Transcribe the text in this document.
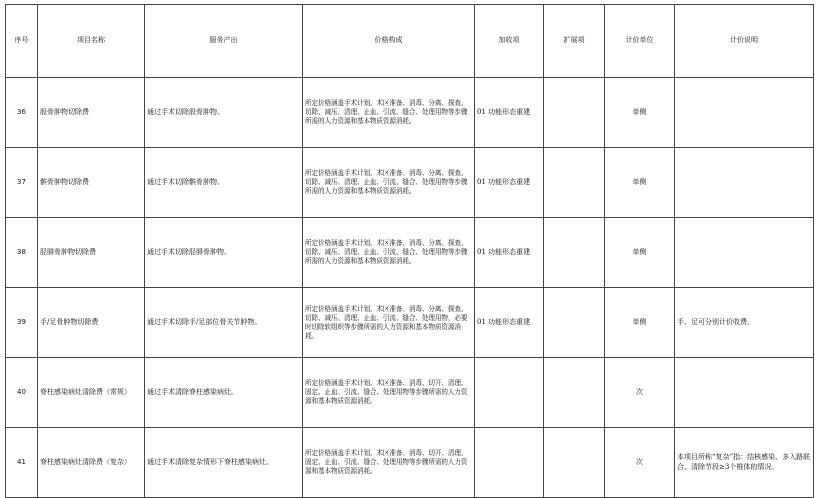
序号	项目名称	服务产出	价格构成	加收项	扩展项	计价单位	计价说明
36	股骨肿物切除费	通过手术切除股骨肿物。	所定价格涵盖手术计划、术区准备、消毒、分离、探查、切除、减压、清理、止血、引流、缝合、处理用物等步骤所需的人力资源和基本物质资源消耗。	01 功能形态重建		单侧	
37	髌骨肿物切除费	通过手术切除髌骨肿物。	所定价格涵盖手术计划、术区准备、消毒、分离、探查、切除、减压、清理、止血、引流、缝合、处理用物等步骤所需的人力资源和基本物质资源消耗。	01 功能形态重建		单侧	
38	胫腓骨肿物切除费	通过手术切除胫腓骨肿物。	所定价格涵盖手术计划、术区准备、消毒、分离、探查、切除、减压、清理、止血、引流、缝合、处理用物等步骤所需的人力资源和基本物质资源消耗。	01 功能形态重建		单侧	
39	手/足骨肿物切除费	通过手术切除手/足部位骨关节肿物。	所定价格涵盖手术计划、术区准备、消毒、分离、探查、切除、减压、清理、止血、引流、缝合、处理用物，必要时切除软组织等步骤所需的人力资源和基本物质资源消耗。	01 功能形态重建		单侧	手、足可分别计价收费。
40	脊柱感染病灶清除费（常规）	通过手术清除脊柱感染病灶。	所定价格涵盖手术计划、术区准备、消毒、切开、清理、固定、止血、引流、缝合、处理用物等步骤所需的人力资源和基本物质资源消耗。			次	
41	脊柱感染病灶清除费（复杂）	通过手术清除复杂情形下脊柱感染病灶。	所定价格涵盖手术计划、术区准备、消毒、切开、清理、固定、止血、引流、缝合、处理用物等步骤所需的人力资源和基本物质资源消耗。			次	本项目所称“复杂”指：结核感染、多入路联合、清除节段≥3个椎体的情况。
